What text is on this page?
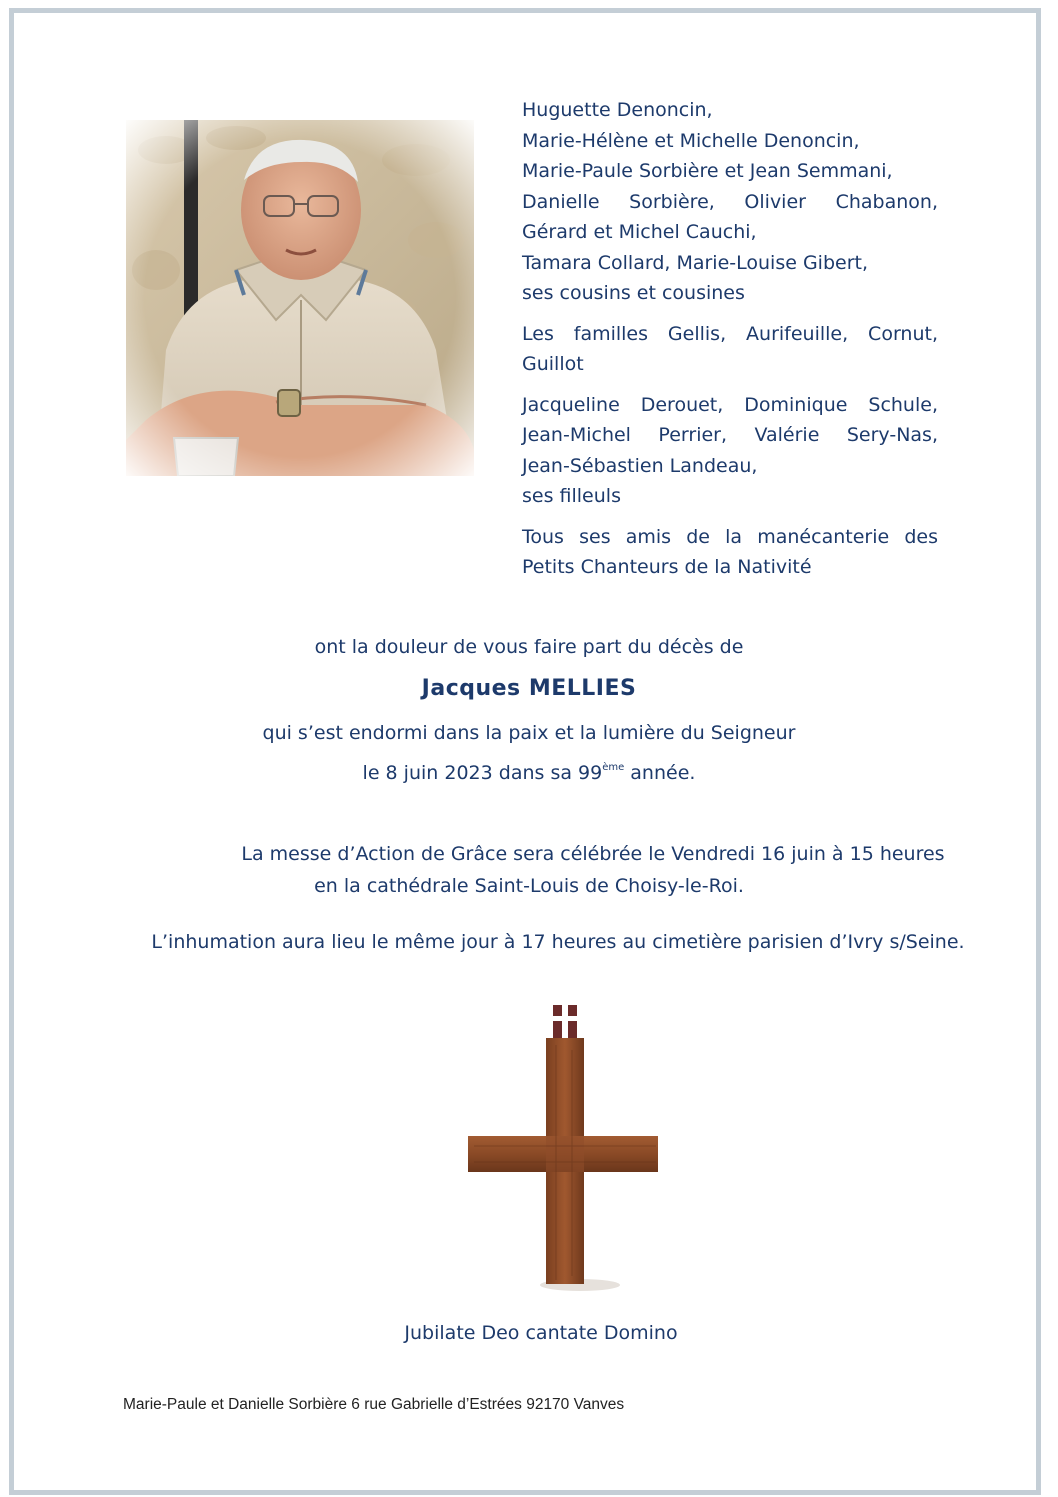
Huguette Denoncin,
Marie-Hélène et Michelle Denoncin,
Marie-Paule Sorbière et Jean Semmani,
Danielle Sorbière, Olivier Chabanon,
Gérard et Michel Cauchi,
Tamara Collard, Marie-Louise Gibert,
ses cousins et cousines
Les familles Gellis, Aurifeuille, Cornut,
Guillot
Jacqueline Derouet, Dominique Schule,
Jean-Michel Perrier, Valérie Sery-Nas,
Jean-Sébastien Landeau,
ses filleuls
Tous ses amis de la manécanterie des
Petits Chanteurs de la Nativité
ont la douleur de vous faire part du décès de
Jacques MELLIES
qui s’est endormi dans la paix et la lumière du Seigneur
le 8 juin 2023 dans sa 99ème année.
La messe d’Action de Grâce sera célébrée le Vendredi 16 juin à 15 heures
en la cathédrale Saint-Louis de Choisy-le-Roi.
L’inhumation aura lieu le même jour à 17 heures au cimetière parisien d’Ivry s/Seine.
Jubilate Deo cantate Domino
Marie-Paule et Danielle Sorbière 6 rue Gabrielle d’Estrées 92170 Vanves
